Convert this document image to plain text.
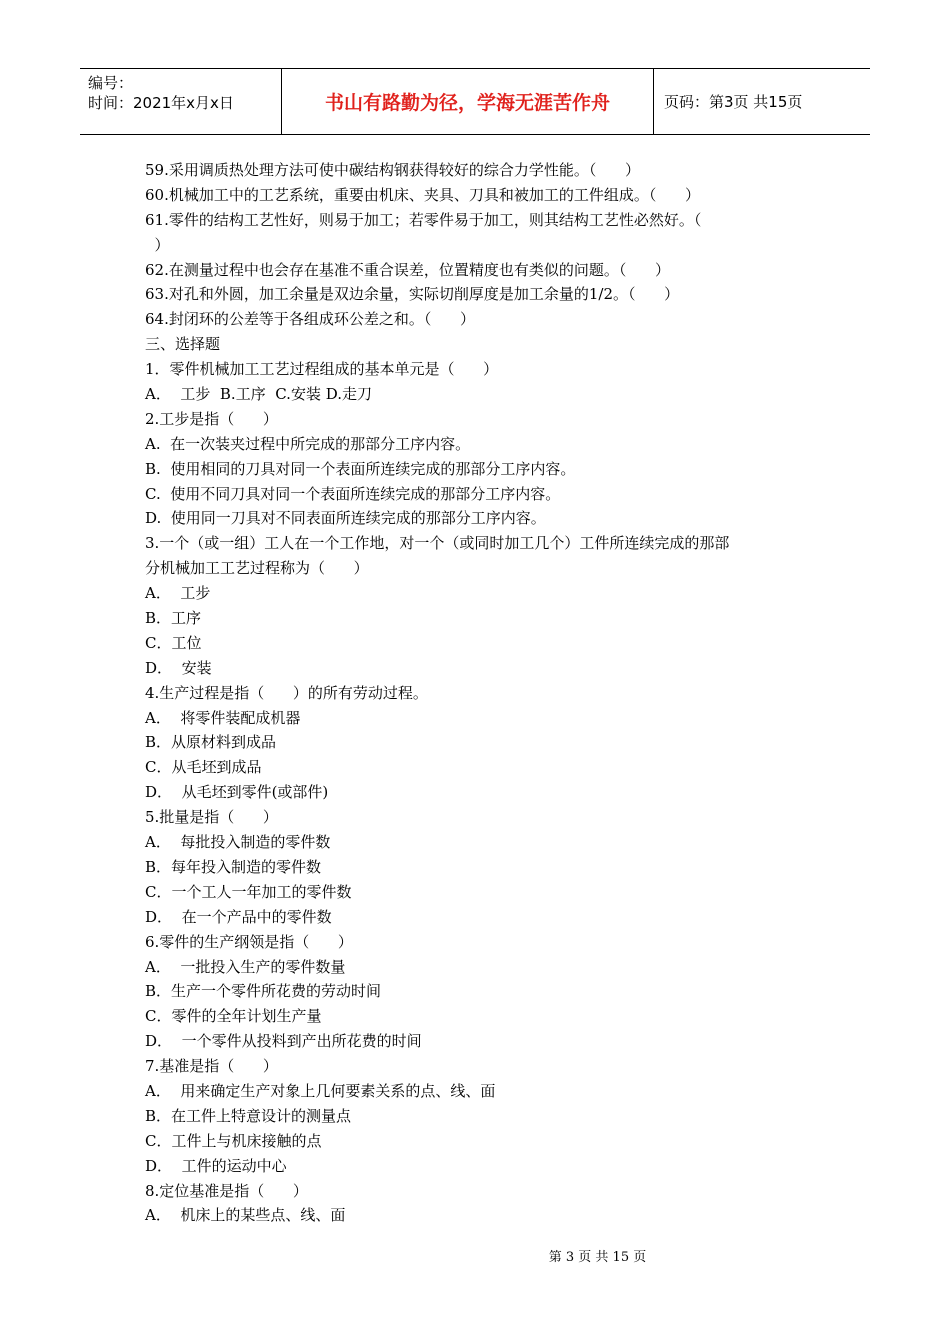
编号：
时间：2021年x月x日	书山有路勤为径，学海无涯苦作舟	页码：第3页 共15页
59.采用调质热处理方法可使中碳结构钢获得较好的综合力学性能。（      ）
60.机械加工中的工艺系统，重要由机床、夹具、刀具和被加工的工件组成。（      ）
61.零件的结构工艺性好，则易于加工；若零件易于加工，则其结构工艺性必然好。（
）
62.在测量过程中也会存在基准不重合误差，位置精度也有类似的问题。（      ）
63.对孔和外圆，加工余量是双边余量，实际切削厚度是加工余量的1/2。（      ）
64.封闭环的公差等于各组成环公差之和。（      ）
三、选择题
1．零件机械加工工艺过程组成的基本单元是（      ）
A．  工步  B.工序  C.安装 D.走刀
2.工步是指（      ）
A.  在一次装夹过程中所完成的那部分工序内容。
B.  使用相同的刀具对同一个表面所连续完成的那部分工序内容。
C.  使用不同刀具对同一个表面所连续完成的那部分工序内容。
D.  使用同一刀具对不同表面所连续完成的那部分工序内容。
3.一个（或一组）工人在一个工作地，对一个（或同时加工几个）工件所连续完成的那部
分机械加工工艺过程称为（      ）
A．  工步
B．工序
C．工位
D．  安装
4.生产过程是指（      ）的所有劳动过程。
A．  将零件装配成机器
B．从原材料到成品
C．从毛坯到成品
D．  从毛坯到零件(或部件)
5.批量是指（      ）
A．  每批投入制造的零件数
B．每年投入制造的零件数
C．一个工人一年加工的零件数
D．  在一个产品中的零件数
6.零件的生产纲领是指（      ）
A．  一批投入生产的零件数量
B．生产一个零件所花费的劳动时间
C．零件的全年计划生产量
D．  一个零件从投料到产出所花费的时间
7.基准是指（      ）
A．  用来确定生产对象上几何要素关系的点、线、面
B．在工件上特意设计的测量点
C．工件上与机床接触的点
D．  工件的运动中心
8.定位基准是指（      ）
A．  机床上的某些点、线、面
第 3 页 共 15 页
